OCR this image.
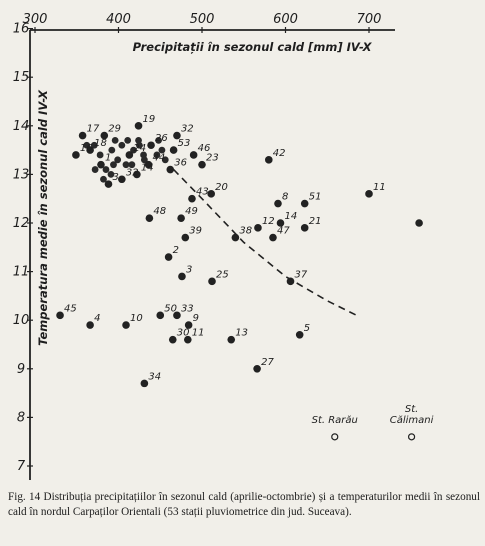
300	400	500	600	700
7
8
9
10
11
12
13
14
15
16
Precipitații în sezonul cald [mm] IV-X
Temperatura medie în sezonul cald IV-X	17 29
19
32
26 53
16 18	24	46	42
1	44	23
36
32 14
3
20
43	8 51
11
48 49
12 14 21
47
38
39
2
3 25	37
45
4	10
50 33
9
5
30 11	13
27
34
St. Rarău
St. Călimani
Fig. 14 Distribuția precipitațiilor în sezonul cald (aprilie-octombrie) și a temperaturilor medii în sezonul cald în nordul Carpaților Orientali (53 stații pluviometrice din jud. Suceava).
